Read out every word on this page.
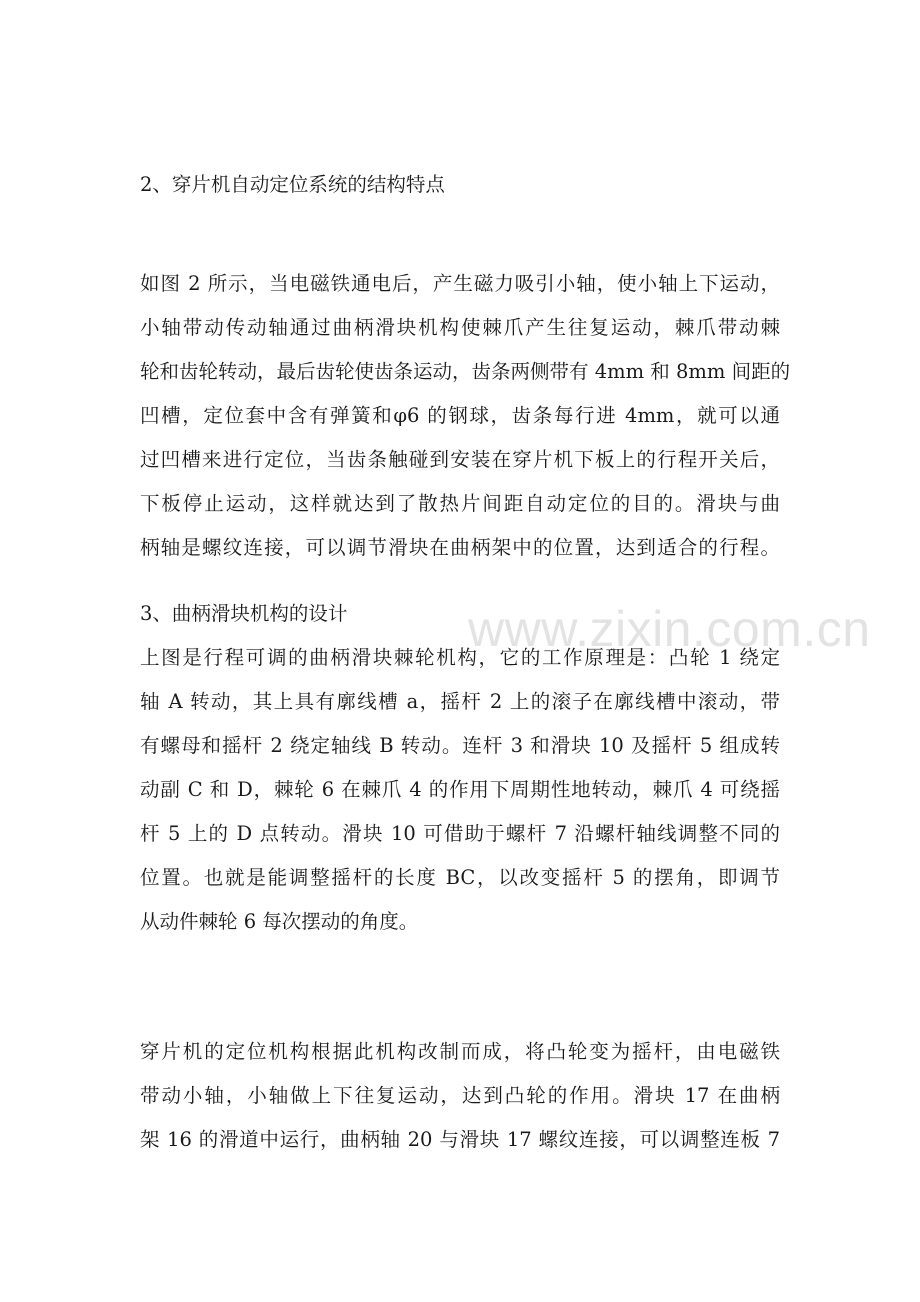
2、穿片机自动定位系统的结构特点
如图 2 所示，当电磁铁通电后，产生磁力吸引小轴，使小轴上下运动，
小轴带动传动轴通过曲柄滑块机构使棘爪产生往复运动，棘爪带动棘
轮和齿轮转动，最后齿轮使齿条运动，齿条两侧带有 4mm 和 8mm 间距的
凹槽，定位套中含有弹簧和φ6 的钢球，齿条每行进 4mm，就可以通
过凹槽来进行定位，当齿条触碰到安装在穿片机下板上的行程开关后，
下板停止运动，这样就达到了散热片间距自动定位的目的。滑块与曲
柄轴是螺纹连接，可以调节滑块在曲柄架中的位置，达到适合的行程。
3、曲柄滑块机构的设计
上图是行程可调的曲柄滑块棘轮机构，它的工作原理是：凸轮 1 绕定
轴 A 转动，其上具有廓线槽 a，摇杆 2 上的滚子在廓线槽中滚动，带
有螺母和摇杆 2 绕定轴线 B 转动。连杆 3 和滑块 10 及摇杆 5 组成转
动副 C 和 D，棘轮 6 在棘爪 4 的作用下周期性地转动，棘爪 4 可绕摇
杆 5 上的 D 点转动。滑块 10 可借助于螺杆 7 沿螺杆轴线调整不同的
位置。也就是能调整摇杆的长度 BC，以改变摇杆 5 的摆角，即调节
从动件棘轮 6 每次摆动的角度。
穿片机的定位机构根据此机构改制而成，将凸轮变为摇杆，由电磁铁
带动小轴，小轴做上下往复运动，达到凸轮的作用。滑块 17 在曲柄
架 16 的滑道中运行，曲柄轴 20 与滑块 17 螺纹连接，可以调整连板 7
www.zixin.com.cn
